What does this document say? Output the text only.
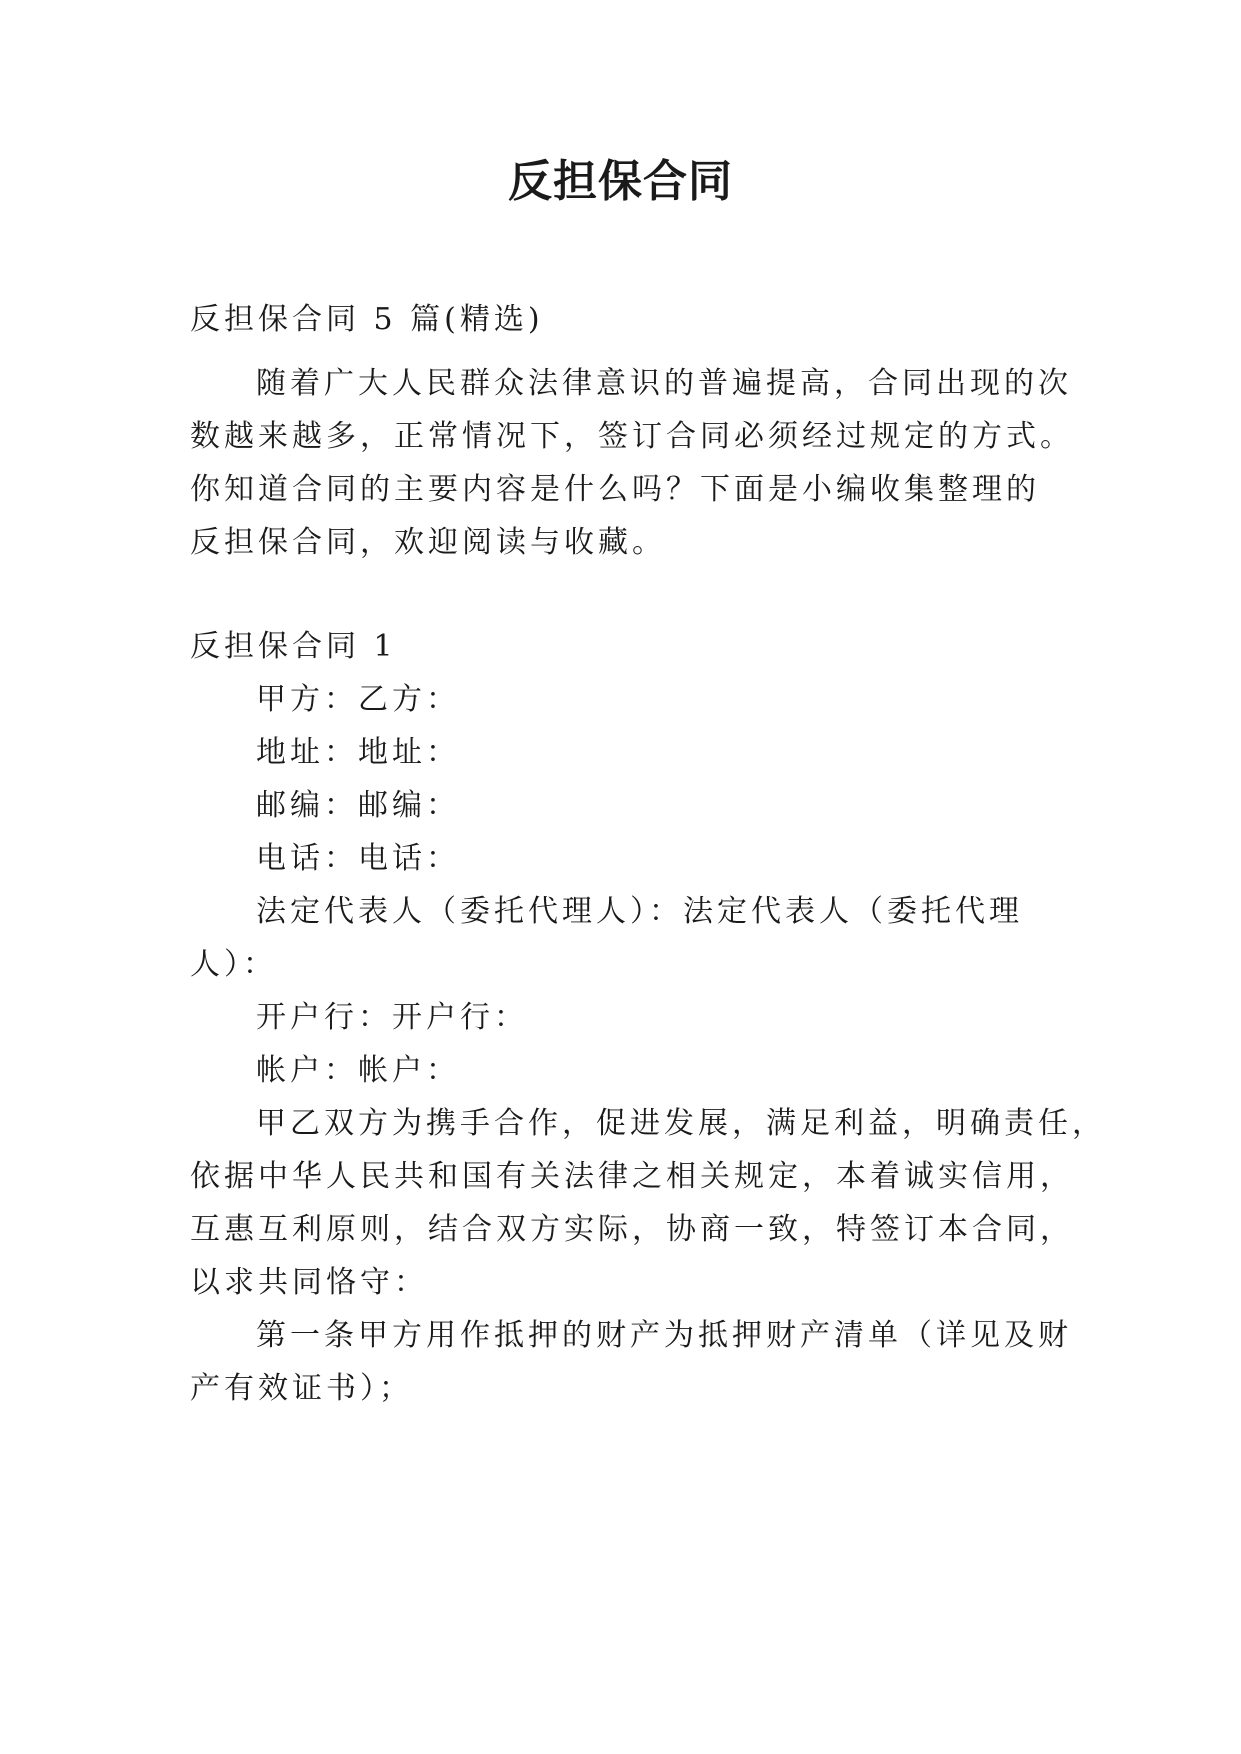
反担保合同
反担保合同 5 篇(精选)
随着广大人民群众法律意识的普遍提高，合同出现的次
数越来越多，正常情况下，签订合同必须经过规定的方式。
你知道合同的主要内容是什么吗？下面是小编收集整理的
反担保合同，欢迎阅读与收藏。
反担保合同 1
甲方：乙方：
地址：地址：
邮编：邮编：
电话：电话：
法定代表人（委托代理人）：法定代表人（委托代理
人）：
开户行：开户行：
帐户：帐户：
甲乙双方为携手合作，促进发展，满足利益，明确责任，
依据中华人民共和国有关法律之相关规定，本着诚实信用，
互惠互利原则，结合双方实际，协商一致，特签订本合同，
以求共同恪守：
第一条甲方用作抵押的财产为抵押财产清单（详见及财
产有效证书）；
